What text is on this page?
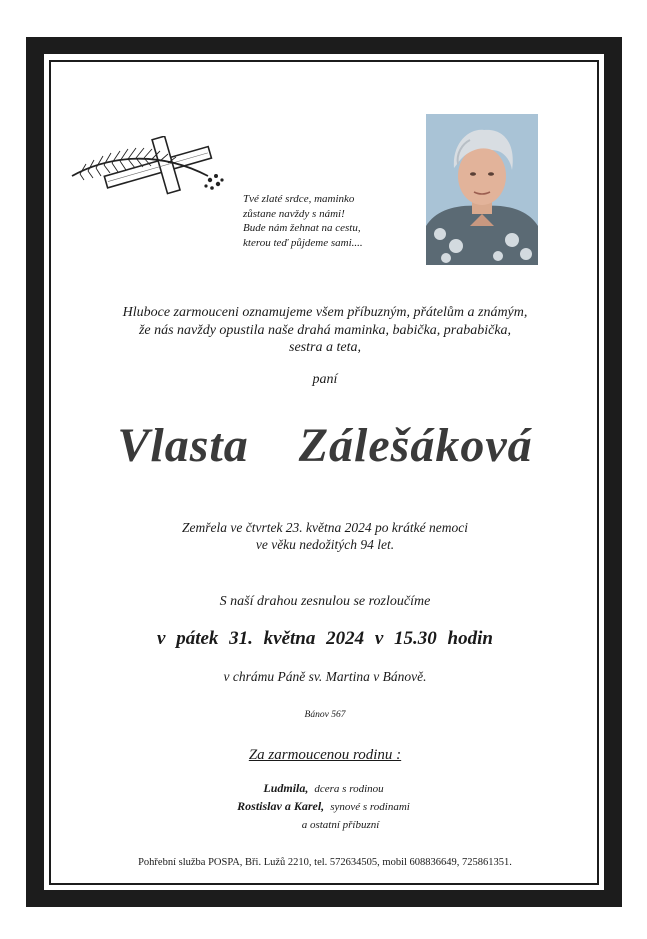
Tvé zlaté srdce, maminko
zůstane navždy s námi!
Bude nám žehnat na cestu,
kterou teď půjdeme sami....
Hluboce zarmouceni oznamujeme všem příbuzným, přátelům a známým,
že nás navždy opustila naše drahá maminka, babička, prababička,
sestra a teta,
paní
Vlasta  Zálešáková
Zemřela ve čtvrtek 23. května 2024 po krátké nemoci
ve věku nedožitých 94 let.
S naší drahou zesnulou se rozloučíme
v pátek 31. května 2024 v 15.30 hodin
v chrámu Páně sv. Martina v Bánově.
Bánov 567
Za zarmoucenou rodinu :
Ludmila, dcera s rodinou
Rostislav a Karel, synové s rodinami
a ostatní příbuzní
Pohřební služba POSPA, Bři. Lužů 2210, tel. 572634505, mobil 608836649, 725861351.
